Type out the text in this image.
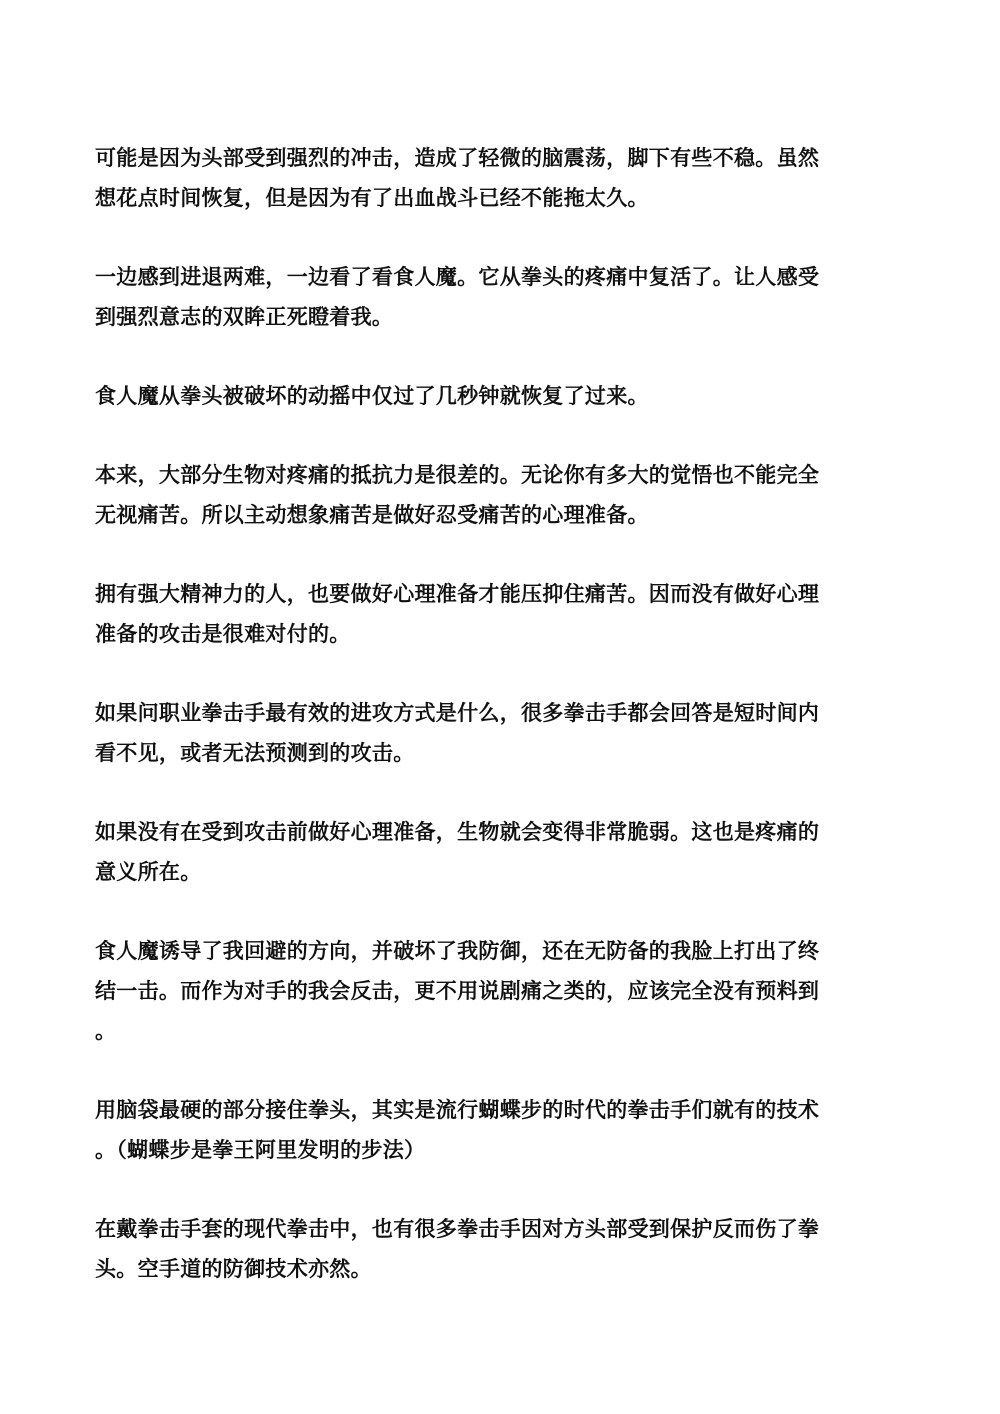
可能是因为头部受到强烈的冲击，造成了轻微的脑震荡，脚下有些不稳。虽然
想花点时间恢复，但是因为有了出血战斗已经不能拖太久。

一边感到进退两难，一边看了看食人魔。它从拳头的疼痛中复活了。让人感受
到强烈意志的双眸正死瞪着我。

食人魔从拳头被破坏的动摇中仅过了几秒钟就恢复了过来。

本来，大部分生物对疼痛的抵抗力是很差的。无论你有多大的觉悟也不能完全
无视痛苦。所以主动想象痛苦是做好忍受痛苦的心理准备。

拥有强大精神力的人，也要做好心理准备才能压抑住痛苦。因而没有做好心理
准备的攻击是很难对付的。

如果问职业拳击手最有效的进攻方式是什么，很多拳击手都会回答是短时间内
看不见，或者无法预测到的攻击。

如果没有在受到攻击前做好心理准备，生物就会变得非常脆弱。这也是疼痛的
意义所在。

食人魔诱导了我回避的方向，并破坏了我防御，还在无防备的我脸上打出了终
结一击。而作为对手的我会反击，更不用说剧痛之类的，应该完全没有预料到
。

用脑袋最硬的部分接住拳头，其实是流行蝴蝶步的时代的拳击手们就有的技术
。（蝴蝶步是拳王阿里发明的步法）

在戴拳击手套的现代拳击中，也有很多拳击手因对方头部受到保护反而伤了拳
头。空手道的防御技术亦然。
